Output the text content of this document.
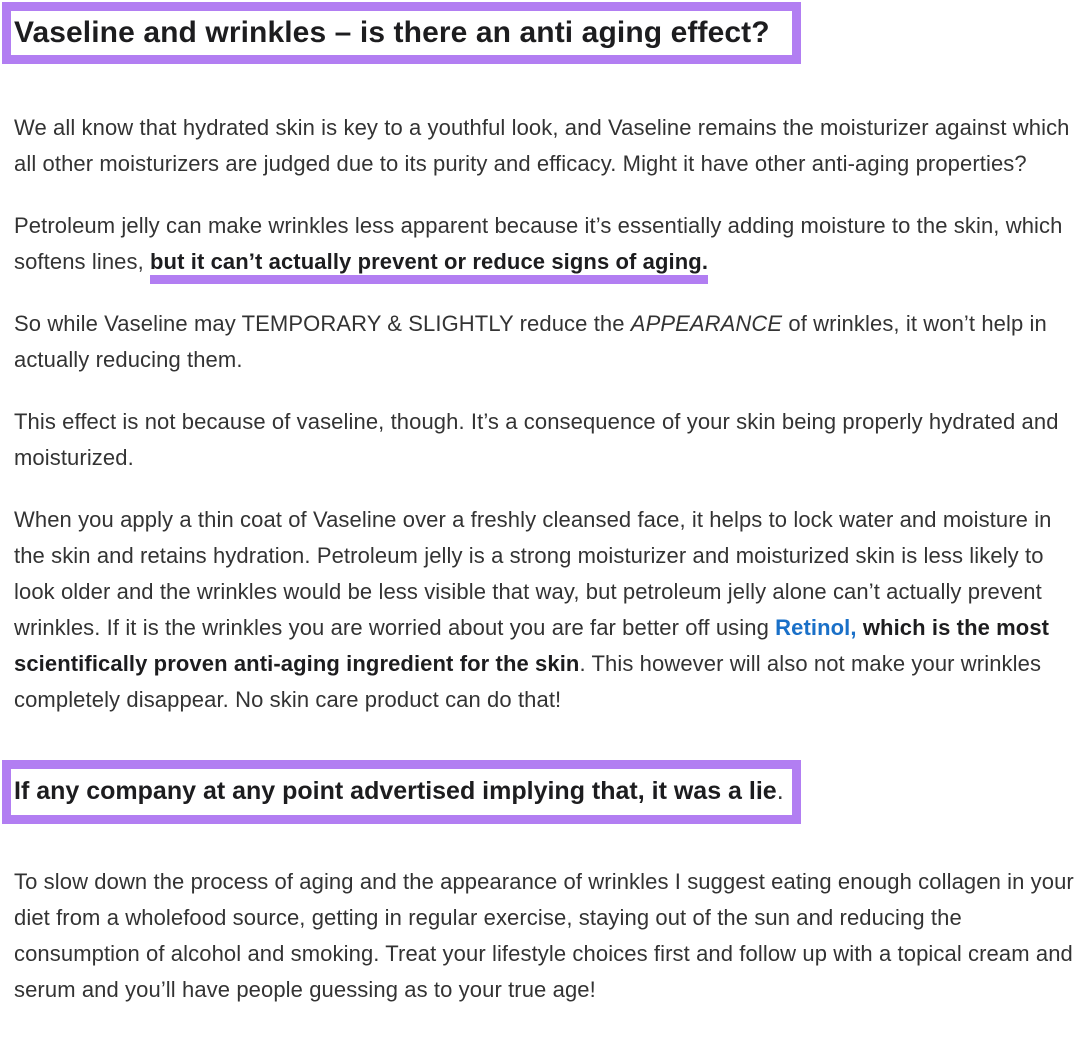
Vaseline and wrinkles – is there an anti aging effect?

We all know that hydrated skin is key to a youthful look, and Vaseline remains the moisturizer against which all other moisturizers are judged due to its purity and efficacy. Might it have other anti-aging properties?

Petroleum jelly can make wrinkles less apparent because it’s essentially adding moisture to the skin, which softens lines, but it can’t actually prevent or reduce signs of aging.

So while Vaseline may TEMPORARY & SLIGHTLY reduce the APPEARANCE of wrinkles, it won’t help in actually reducing them.

This effect is not because of vaseline, though. It’s a consequence of your skin being properly hydrated and moisturized.

When you apply a thin coat of Vaseline over a freshly cleansed face, it helps to lock water and moisture in the skin and retains hydration. Petroleum jelly is a strong moisturizer and moisturized skin is less likely to look older and the wrinkles would be less visible that way, but petroleum jelly alone can’t actually prevent wrinkles. If it is the wrinkles you are worried about you are far better off using Retinol, which is the most scientifically proven anti-aging ingredient for the skin. This however will also not make your wrinkles completely disappear. No skin care product can do that!

If any company at any point advertised implying that, it was a lie.

To slow down the process of aging and the appearance of wrinkles I suggest eating enough collagen in your diet from a wholefood source, getting in regular exercise, staying out of the sun and reducing the consumption of alcohol and smoking. Treat your lifestyle choices first and follow up with a topical cream and serum and you’ll have people guessing as to your true age!
